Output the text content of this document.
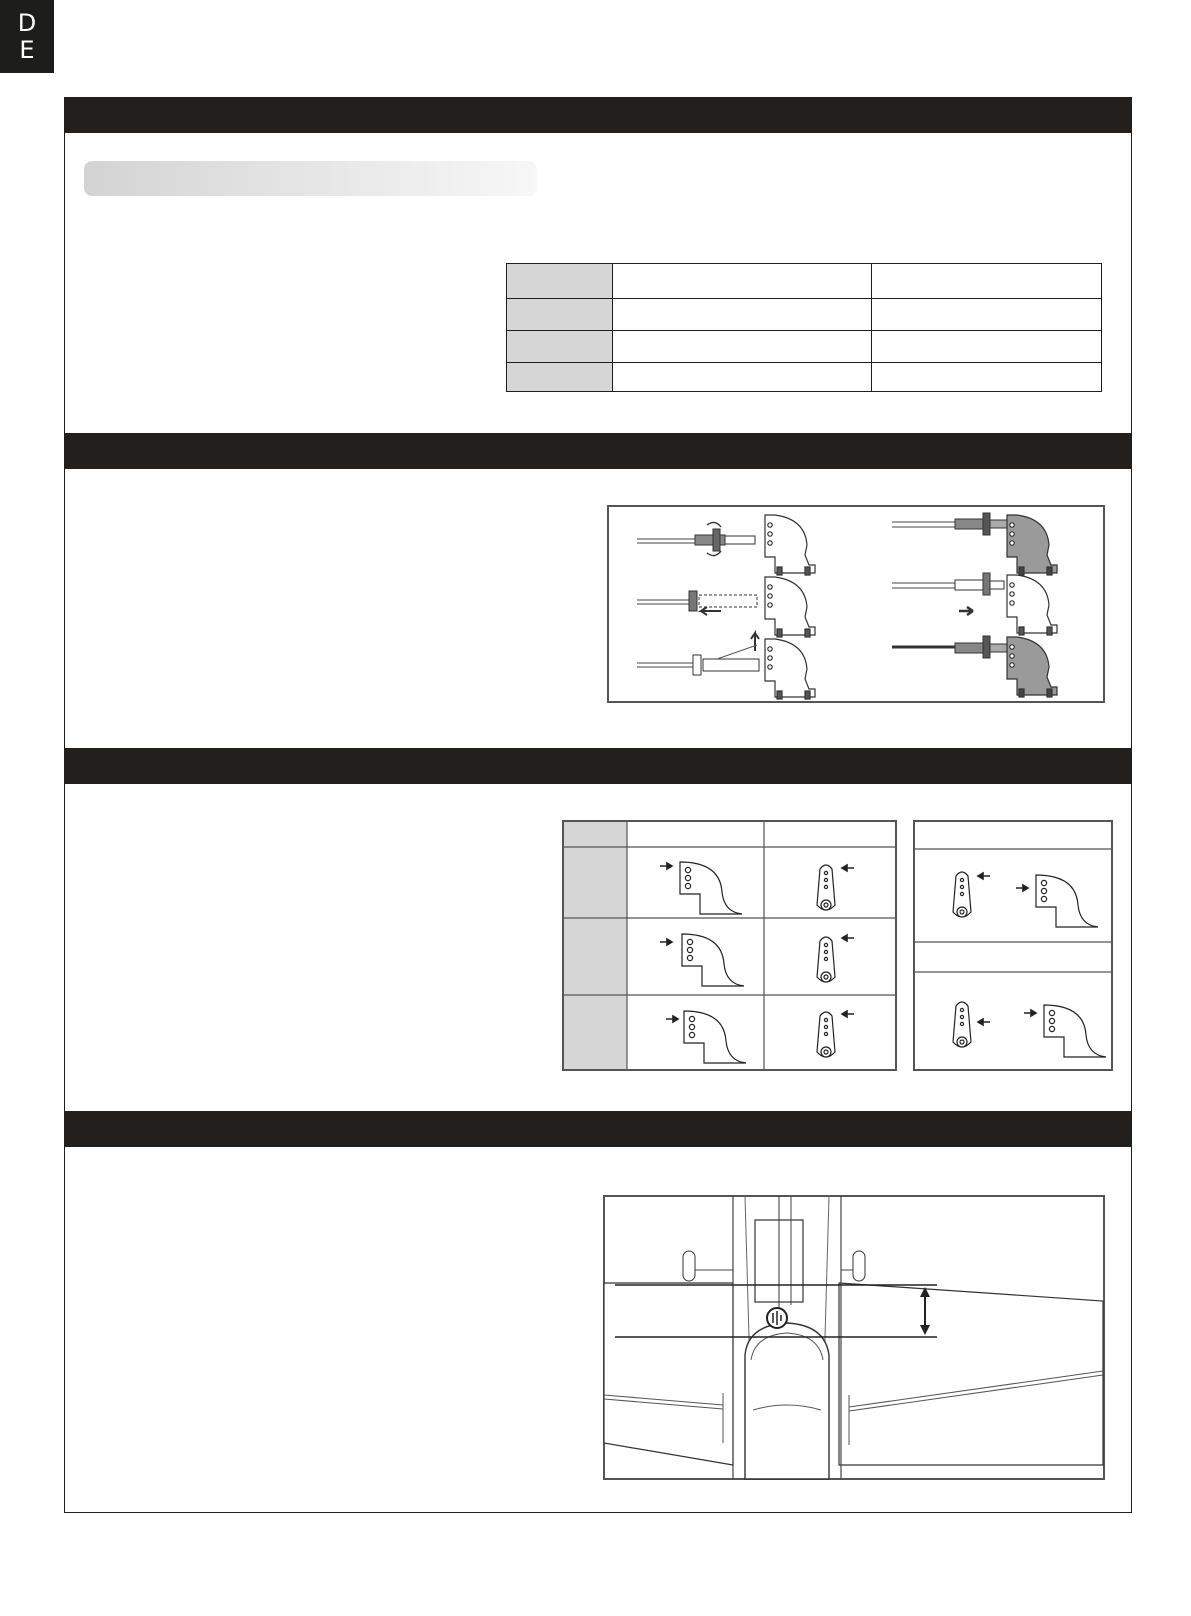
D
E
